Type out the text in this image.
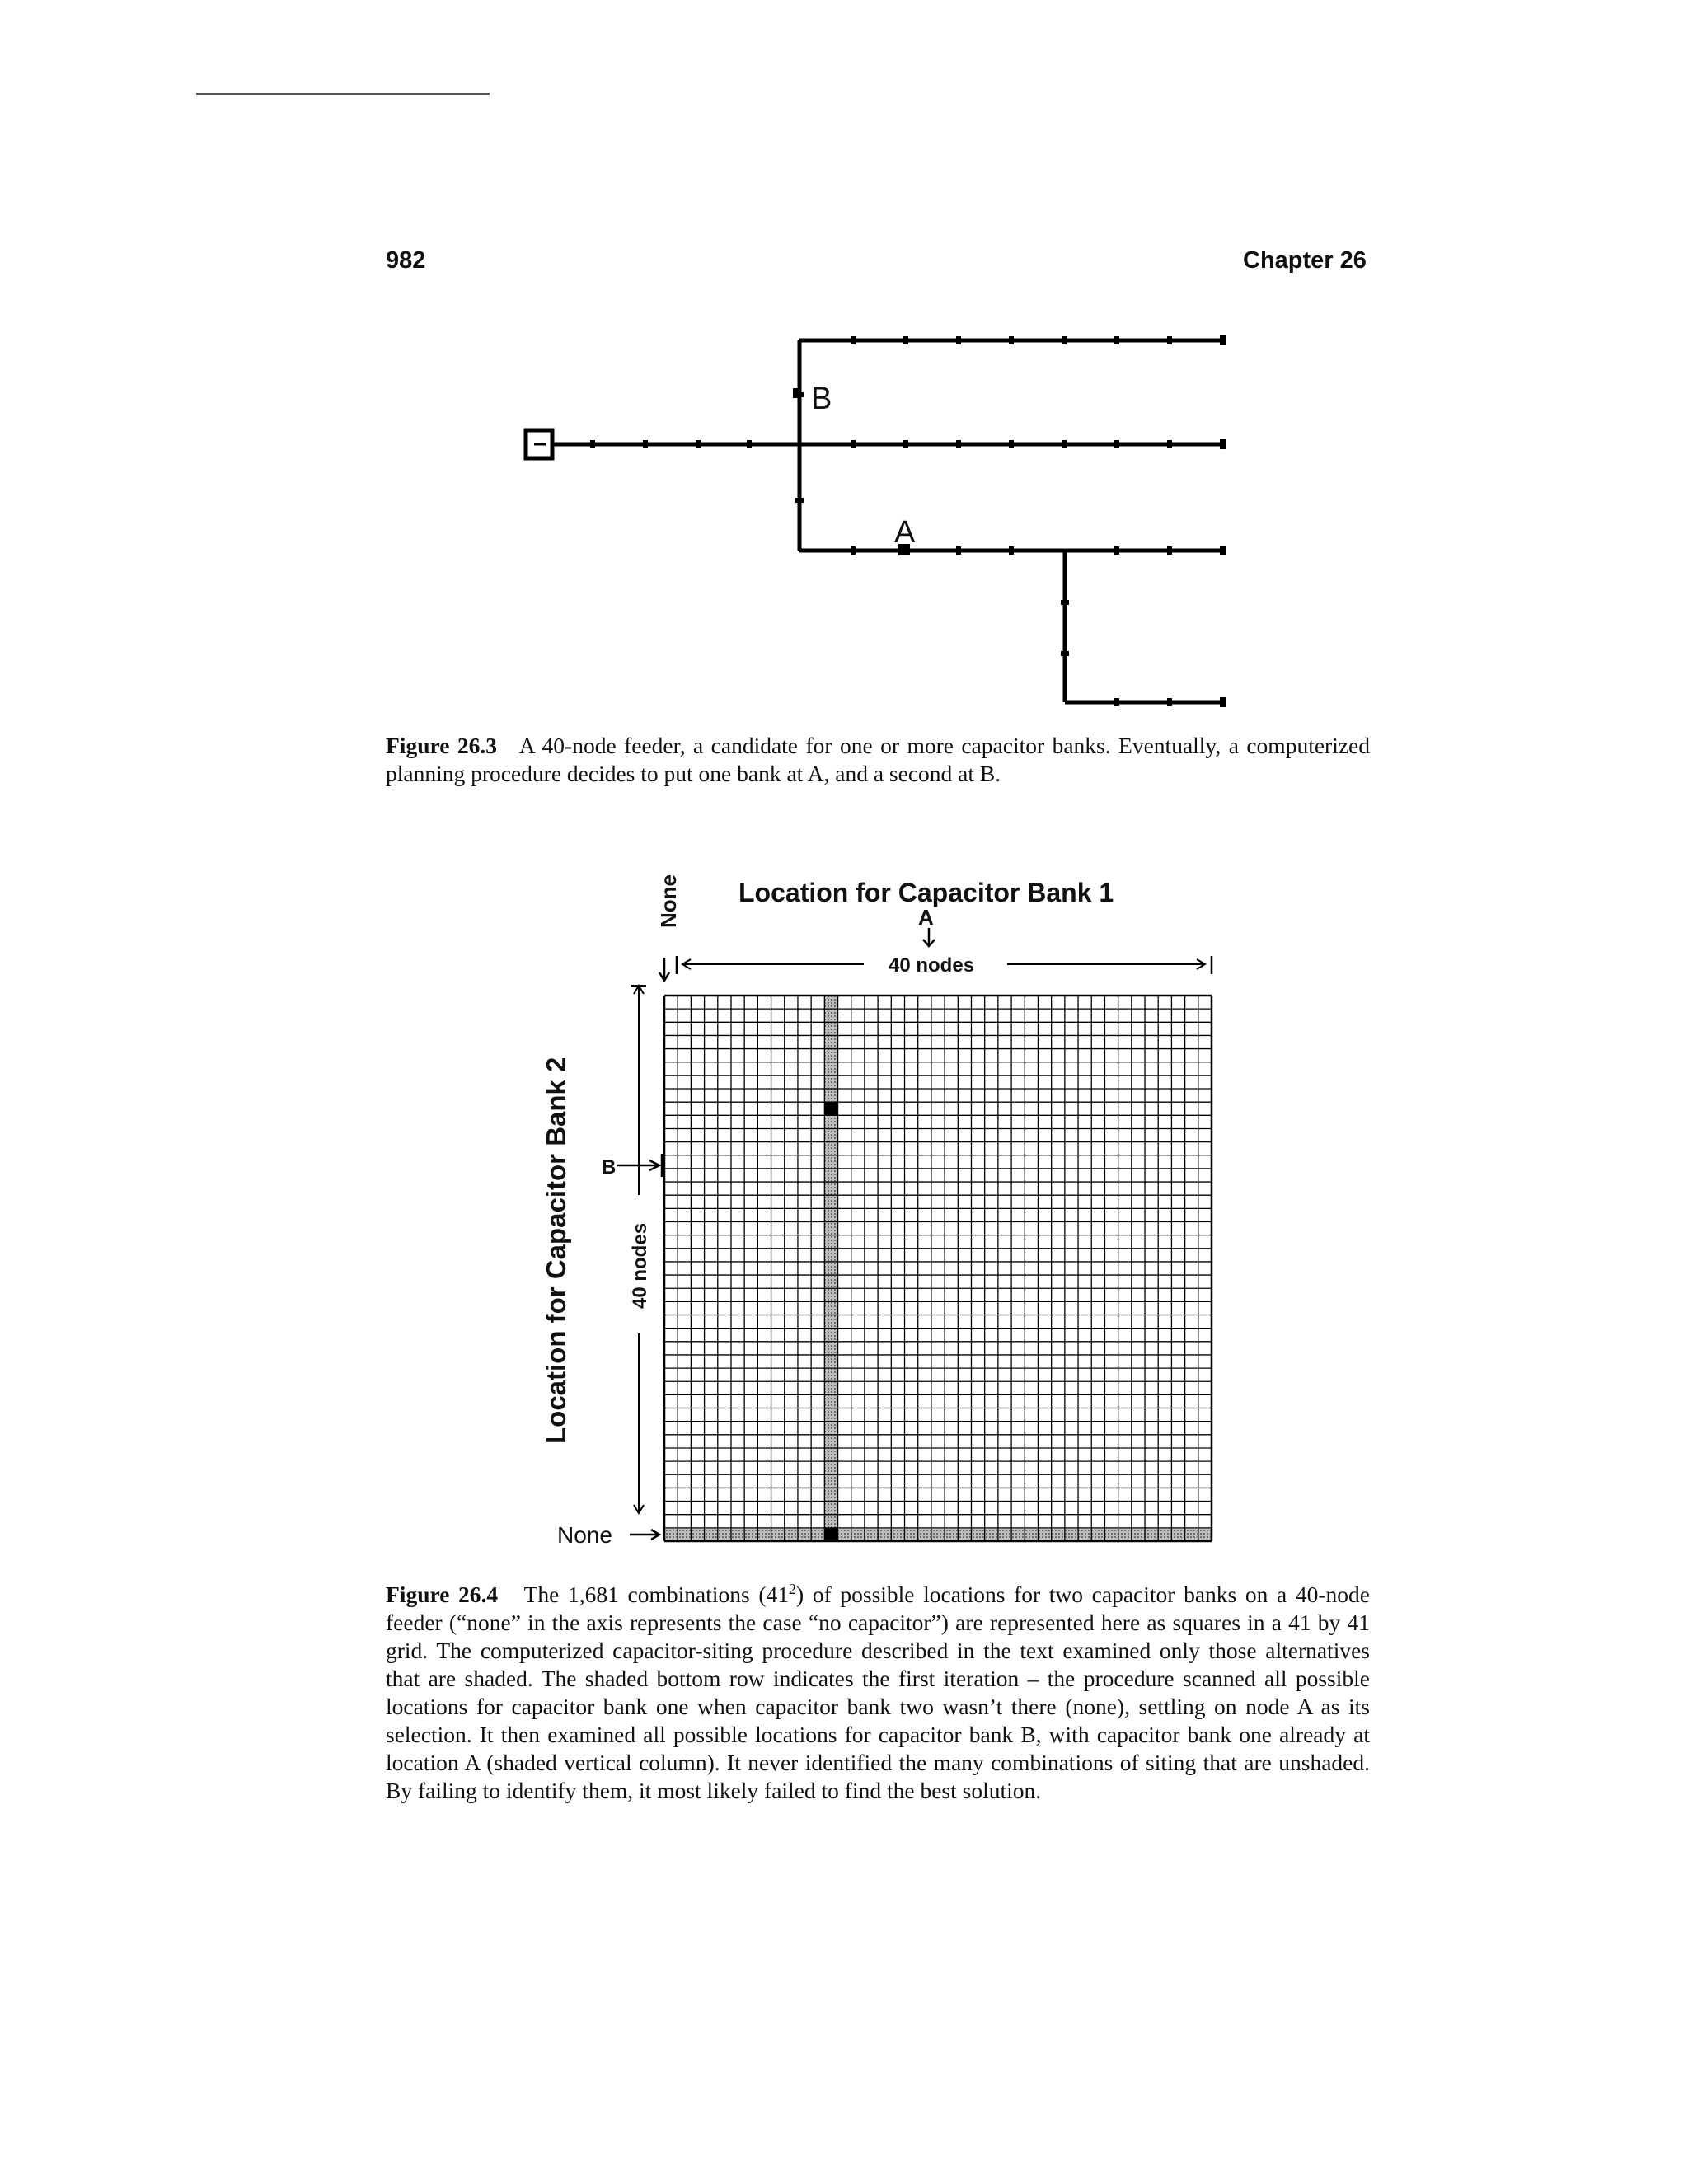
982	Chapter 26
B
A
Figure 26.3 A 40-node feeder, a candidate for one or more capacitor banks. Eventually, a computerized planning procedure decides to put one bank at A, and a second at B.
Location for Capacitor Bank 1
None	A
40 nodes
Location for Capacitor Bank 2	40 nodes
B
None
Figure 26.4 The 1,681 combinations $(41^2)$ of possible locations for two capacitor banks on a 40-node feeder (“none” in the axis represents the case “no capacitor”) are represented here as squares in a 41 by 41 grid. The computerized capacitor-siting procedure described in the text examined only those alternatives that are shaded. The shaded bottom row indicates the first iteration – the procedure scanned all possible locations for capacitor bank one when capacitor bank two wasn’t there (none), settling on node A as its selection. It then examined all possible locations for capacitor bank B, with capacitor bank one already at location A (shaded vertical column). It never identified the many combinations of siting that are unshaded. By failing to identify them, it most likely failed to find the best solution.
